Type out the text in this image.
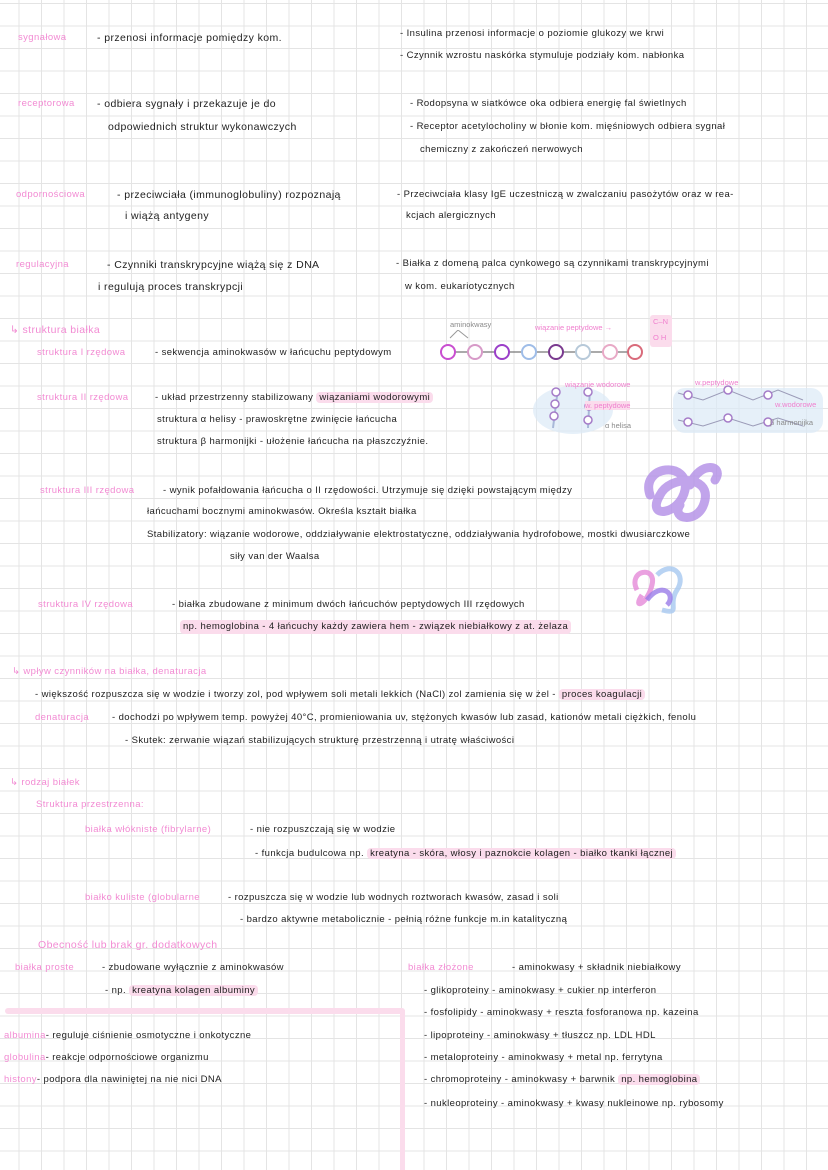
sygnałowa	- przenosi informacje pomiędzy kom.	- Insulina przenosi informacje o poziomie glukozy we krwi
- Czynnik wzrostu naskórka stymuluje podziały kom. nabłonka
receptorowa - odbiera sygnały i przekazuje je do
odpowiednich struktur wykonawczych
- Rodopsyna w siatkówce oka odbiera energię fal świetlnych
- Receptor acetylocholiny w błonie kom. mięśniowych odbiera sygnał
chemiczny z zakończeń nerwowych
odpornościowa	- przeciwciała (immunoglobuliny) rozpoznają
i wiążą antygeny
- Przeciwciała klasy IgE uczestniczą w zwalczaniu pasożytów oraz w rea-
kcjach alergicznych
regulacyjna	- Czynniki transkrypcyjne wiążą się z DNA
i regulują proces transkrypcji
- Białka z domeną palca cynkowego są czynnikami transkrypcyjnymi
w kom. eukariotycznych
↳ struktura białka
struktura I rzędowa	- sekwencja aminokwasów w łańcuchu peptydowym
aminokwasy	wiązanie peptydowe →
C–N
O H
struktura II rzędowa	- układ przestrzenny stabilizowany wiązaniami wodorowymi
struktura α helisy - prawoskrętne zwinięcie łańcucha
struktura β harmonijki - ułożenie łańcucha na płaszczyźnie.
wiązanie wodorowe
w. peptydowe
α helisa
w.peptydowe
w.wodorowe
β harmonijka
struktura III rzędowa	- wynik pofałdowania łańcucha o II rzędowości. Utrzymuje się dzięki powstającym między
łańcuchami bocznymi aminokwasów. Określa kształt białka
Stabilizatory: wiązanie wodorowe, oddziaływanie elektrostatyczne, oddziaływania hydrofobowe, mostki dwusiarczkowe
siły van der Waalsa
struktura IV rzędowa	- białka zbudowane z minimum dwóch łańcuchów peptydowych III rzędowych
np. hemoglobina - 4 łańcuchy każdy zawiera hem - związek niebiałkowy z at. żelaza
↳ wpływ czynników na białka, denaturacja
- większość rozpuszcza się w wodzie i tworzy zol, pod wpływem soli metali lekkich (NaCl) zol zamienia się w żel - proces koagulacji
denaturacja - dochodzi po wpływem temp. powyżej 40°C, promieniowania uv, stężonych kwasów lub zasad, kationów metali ciężkich, fenolu
- Skutek: zerwanie wiązań stabilizujących strukturę przestrzenną i utratę właściwości
↳ rodzaj białek
Struktura przestrzenna:
białka włókniste (fibrylarne)	- nie rozpuszczają się w wodzie
- funkcja budulcowa np. kreatyna - skóra, włosy i paznokcie kolagen - białko tkanki łącznej
białko kuliste (globularne	- rozpuszcza się w wodzie lub wodnych roztworach kwasów, zasad i soli
- bardzo aktywne metabolicznie - pełnią różne funkcje m.in katalityczną
Obecność lub brak gr. dodatkowych
białka proste	- zbudowane wyłącznie z aminokwasów
- np. kreatyna kolagen albuminy
albumina- reguluje ciśnienie osmotyczne i onkotyczne
globulina- reakcje odpornościowe organizmu
histony- podpora dla nawiniętej na nie nici DNA
białka złożone	- aminokwasy + składnik niebiałkowy
- glikoproteiny - aminokwasy + cukier np interferon
- fosfolipidy - aminokwasy + reszta fosforanowa np. kazeina
- lipoproteiny - aminokwasy + tłuszcz np. LDL HDL
- metaloproteiny - aminokwasy + metal np. ferrytyna
- chromoproteiny - aminokwasy + barwnik np. hemoglobina
- nukleoproteiny - aminokwasy + kwasy nukleinowe np. rybosomy
